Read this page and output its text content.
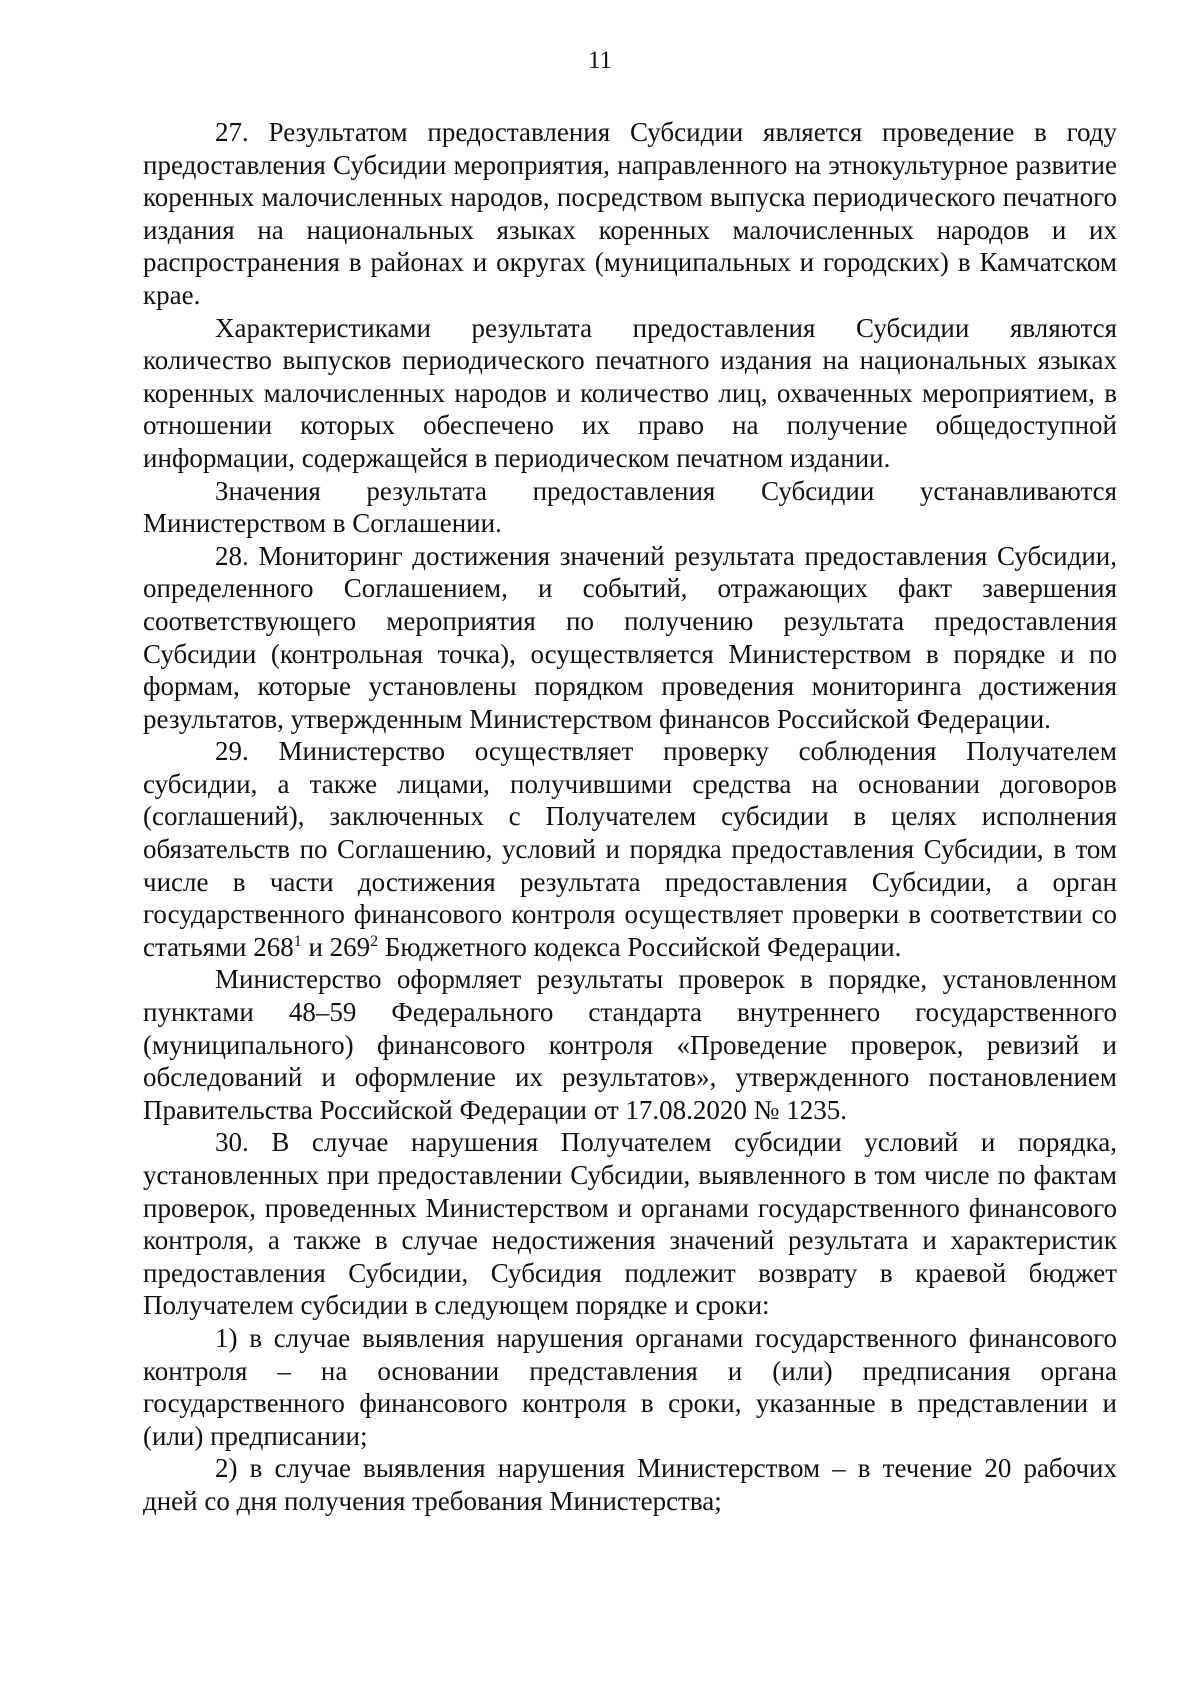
11

27. Результатом предоставления Субсидии является проведение в году предоставления Субсидии мероприятия, направленного на этнокультурное развитие коренных малочисленных народов, посредством выпуска периодического печатного издания на национальных языках коренных малочисленных народов и их распространения в районах и округах (муниципальных и городских) в Камчатском крае.

Характеристиками результата предоставления Субсидии являются количество выпусков периодического печатного издания на национальных языках коренных малочисленных народов и количество лиц, охваченных мероприятием, в отношении которых обеспечено их право на получение общедоступной информации, содержащейся в периодическом печатном издании.

Значения результата предоставления Субсидии устанавливаются Министерством в Соглашении.

28. Мониторинг достижения значений результата предоставления Субсидии, определенного Соглашением, и событий, отражающих факт завершения соответствующего мероприятия по получению результата предоставления Субсидии (контрольная точка), осуществляется Министерством в порядке и по формам, которые установлены порядком проведения мониторинга достижения результатов, утвержденным Министерством финансов Российской Федерации.

29. Министерство осуществляет проверку соблюдения Получателем субсидии, а также лицами, получившими средства на основании договоров (соглашений), заключенных с Получателем субсидии в целях исполнения обязательств по Соглашению, условий и порядка предоставления Субсидии, в том числе в части достижения результата предоставления Субсидии, а орган государственного финансового контроля осуществляет проверки в соответствии со статьями $268^1$ и $269^2$ Бюджетного кодекса Российской Федерации.

Министерство оформляет результаты проверок в порядке, установленном пунктами 48–59 Федерального стандарта внутреннего государственного (муниципального) финансового контроля «Проведение проверок, ревизий и обследований и оформление их результатов», утвержденного постановлением Правительства Российской Федерации от 17.08.2020 № 1235.

30. В случае нарушения Получателем субсидии условий и порядка, установленных при предоставлении Субсидии, выявленного в том числе по фактам проверок, проведенных Министерством и органами государственного финансового контроля, а также в случае недостижения значений результата и характеристик предоставления Субсидии, Субсидия подлежит возврату в краевой бюджет Получателем субсидии в следующем порядке и сроки:

1) в случае выявления нарушения органами государственного финансового контроля – на основании представления и (или) предписания органа государственного финансового контроля в сроки, указанные в представлении и (или) предписании;

2) в случае выявления нарушения Министерством – в течение 20 рабочих дней со дня получения требования Министерства;
